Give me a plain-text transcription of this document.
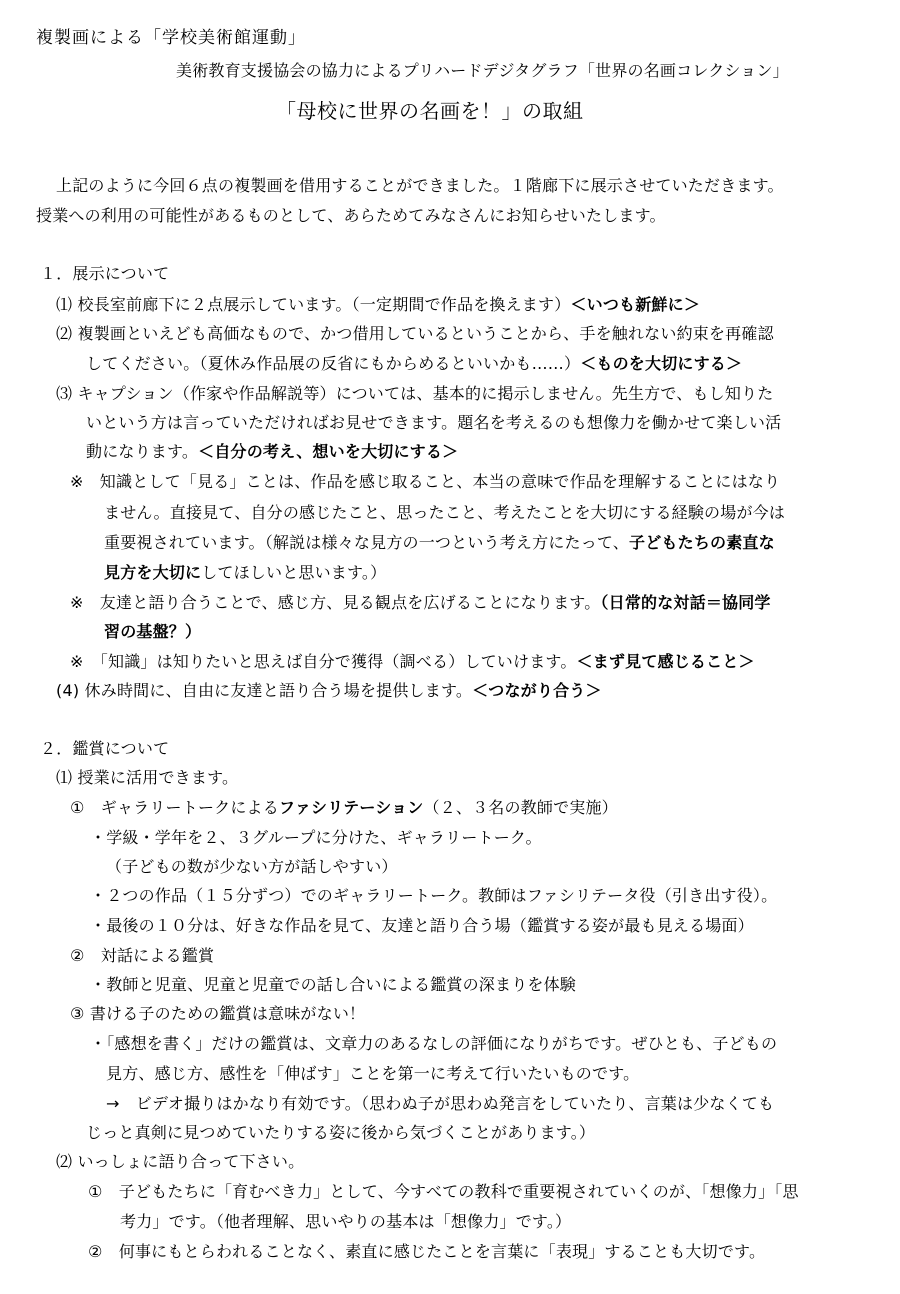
複製画による「学校美術館運動」
美術教育支援協会の協力によるプリハードデジタグラフ「世界の名画コレクション」
「母校に世界の名画を！」の取組
上記のように今回６点の複製画を借用することができました。１階廊下に展示させていただきます。
授業への利用の可能性があるものとして、あらためてみなさんにお知らせいたします。
１．展示について
⑴ 校長室前廊下に２点展示しています。（一定期間で作品を換えます）＜いつも新鮮に＞
⑵ 複製画といえども高価なもので、かつ借用しているということから、手を触れない約束を再確認
してください。（夏休み作品展の反省にもからめるといいかも……）＜ものを大切にする＞
⑶ キャプション（作家や作品解説等）については、基本的に掲示しません。先生方で、もし知りた
いという方は言っていただければお見せできます。題名を考えるのも想像力を働かせて楽しい活
動になります。＜自分の考え、想いを大切にする＞
※　知識として「見る」ことは、作品を感じ取ること、本当の意味で作品を理解することにはなり
ません。直接見て、自分の感じたこと、思ったこと、考えたことを大切にする経験の場が今は
重要視されています。（解説は様々な見方の一つという考え方にたって、子どもたちの素直な
見方を大切にしてほしいと思います。）
※　友達と語り合うことで、感じ方、見る観点を広げることになります。（日常的な対話＝協同学
習の基盤？）
※　「知識」は知りたいと思えば自分で獲得（調べる）していけます。＜まず見て感じること＞
(4) 休み時間に、自由に友達と語り合う場を提供します。＜つながり合う＞
２．鑑賞について
⑴ 授業に活用できます。
①　ギャラリートークによるファシリテーション（２、３名の教師で実施）
・学級・学年を２、３グループに分けた、ギャラリートーク。
（子どもの数が少ない方が話しやすい）
・２つの作品（１５分ずつ）でのギャラリートーク。教師はファシリテータ役（引き出す役）。
・最後の１０分は、好きな作品を見て、友達と語り合う場（鑑賞する姿が最も見える場面）
②　対話による鑑賞
・教師と児童、児童と児童での話し合いによる鑑賞の深まりを体験
③ 書ける子のための鑑賞は意味がない！
・「感想を書く」だけの鑑賞は、文章力のあるなしの評価になりがちです。ぜひとも、子どもの
見方、感じ方、感性を「伸ばす」ことを第一に考えて行いたいものです。
→　ビデオ撮りはかなり有効です。（思わぬ子が思わぬ発言をしていたり、言葉は少なくても
じっと真剣に見つめていたりする姿に後から気づくことがあります。）
⑵ いっしょに語り合って下さい。
①　子どもたちに「育むべき力」として、今すべての教科で重要視されていくのが、「想像力」「思
考力」です。（他者理解、思いやりの基本は「想像力」です。）
②　何事にもとらわれることなく、素直に感じたことを言葉に「表現」することも大切です。
